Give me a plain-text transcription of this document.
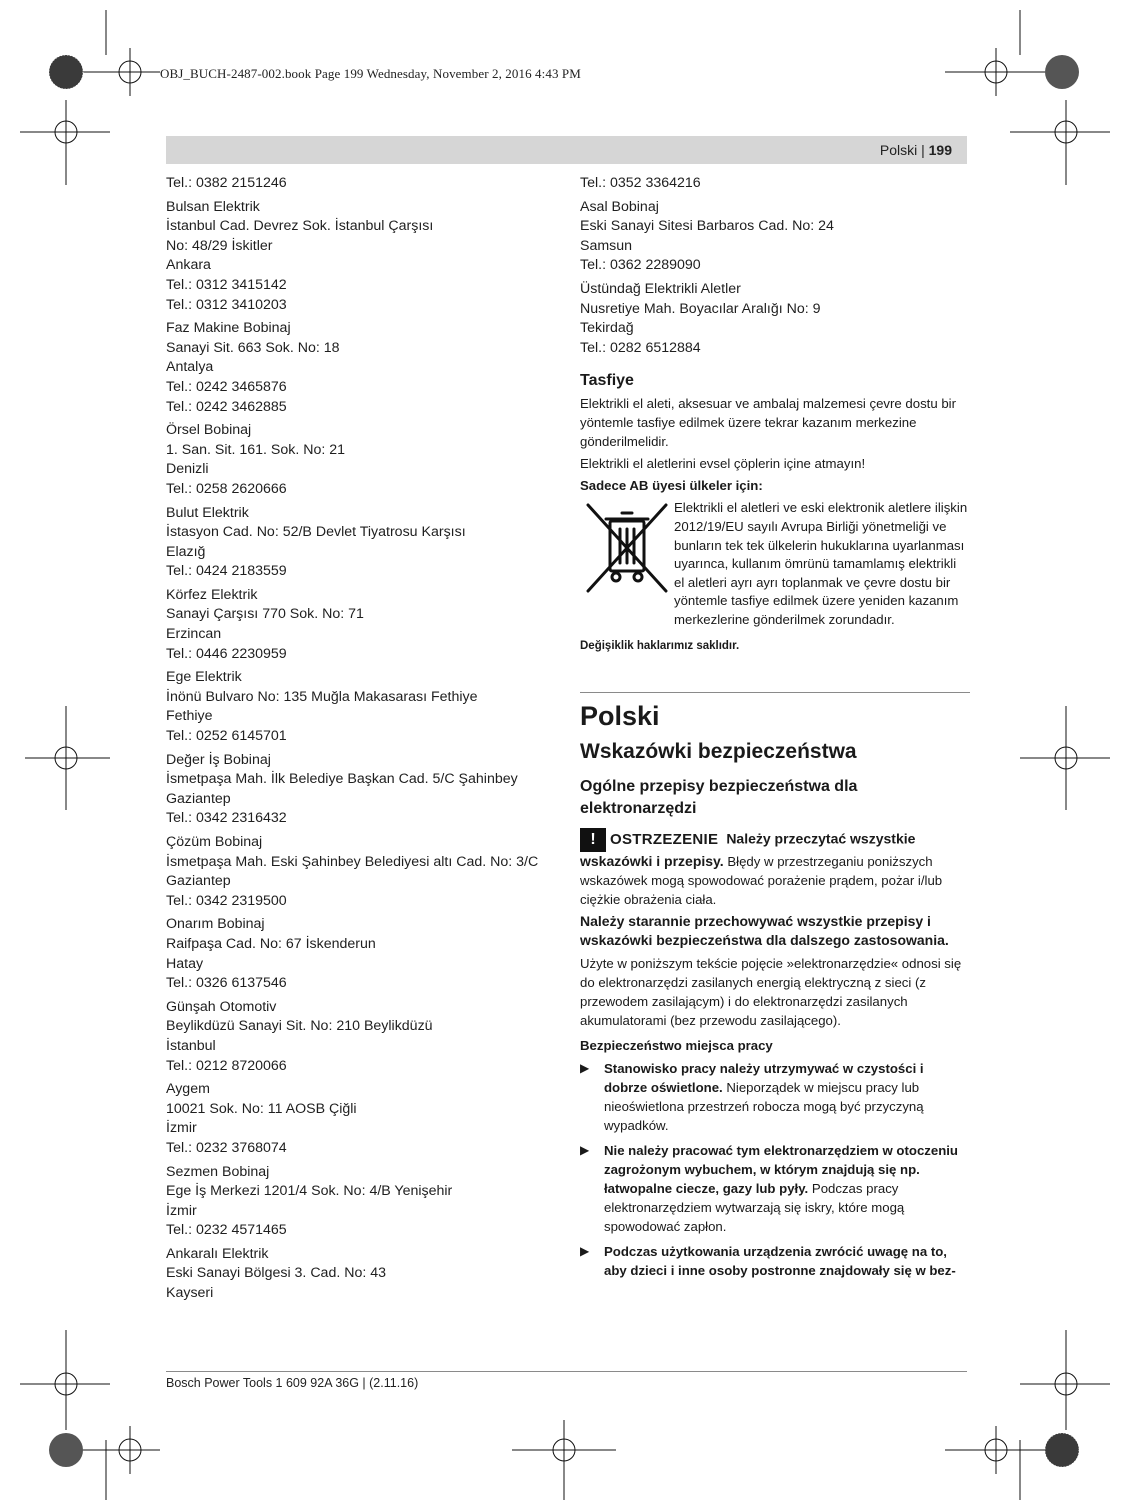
OBJ_BUCH-2487-002.book Page 199 Wednesday, November 2, 2016 4:43 PM
Polski | 199
Tel.: 0382 2151246
Bulsan Elektrik
İstanbul Cad. Devrez Sok. İstanbul Çarşısı
No: 48/29 İskitler
Ankara
Tel.: 0312 3415142
Tel.: 0312 3410203
Faz Makine Bobinaj
Sanayi Sit. 663 Sok. No: 18
Antalya
Tel.: 0242 3465876
Tel.: 0242 3462885
Örsel Bobinaj
1. San. Sit. 161. Sok. No: 21
Denizli
Tel.: 0258 2620666
Bulut Elektrik
İstasyon Cad. No: 52/B Devlet Tiyatrosu Karşısı
Elazığ
Tel.: 0424 2183559
Körfez Elektrik
Sanayi Çarşısı 770 Sok. No: 71
Erzincan
Tel.: 0446 2230959
Ege Elektrik
İnönü Bulvaro No: 135 Muğla Makasarası Fethiye
Fethiye
Tel.: 0252 6145701
Değer İş Bobinaj
İsmetpaşa Mah. İlk Belediye Başkan Cad. 5/C Şahinbey
Gaziantep
Tel.: 0342 2316432
Çözüm Bobinaj
İsmetpaşa Mah. Eski Şahinbey Belediyesi altı Cad. No: 3/C
Gaziantep
Tel.: 0342 2319500
Onarım Bobinaj
Raifpaşa Cad. No: 67 İskenderun
Hatay
Tel.: 0326 6137546
Günşah Otomotiv
Beylikdüzü Sanayi Sit. No: 210 Beylikdüzü
İstanbul
Tel.: 0212 8720066
Aygem
10021 Sok. No: 11 AOSB Çiğli
İzmir
Tel.: 0232 3768074
Sezmen Bobinaj
Ege İş Merkezi 1201/4 Sok. No: 4/B Yenişehir
İzmir
Tel.: 0232 4571465
Ankaralı Elektrik
Eski Sanayi Bölgesi 3. Cad. No: 43
Kayseri
Tel.: 0352 3364216
Asal Bobinaj
Eski Sanayi Sitesi Barbaros Cad. No: 24
Samsun
Tel.: 0362 2289090
Üstündağ Elektrikli Aletler
Nusretiye Mah. Boyacılar Aralığı No: 9
Tekirdağ
Tel.: 0282 6512884
Tasfiye
Elektrikli el aleti, aksesuar ve ambalaj malzemesi çevre dostu bir yöntemle tasfiye edilmek üzere tekrar kazanım merkezine gönderilmelidir.
Elektrikli el aletlerini evsel çöplerin içine atmayın!
Sadece AB üyesi ülkeler için:
Elektrikli el aletleri ve eski elektronik aletlere ilişkin 2012/19/EU sayılı Avrupa Birliği yönetmeliği ve bunların tek tek ülkelerin hukuklarına uyarlanması uyarınca, kullanım ömrünü tamamlamış elektrikli el aletleri ayrı ayrı toplanmak ve çevre dostu bir yöntemle tasfiye edilmek üzere yeniden kazanım merkezlerine gönderilmek zorundadır.
Değişiklik haklarımız saklıdır.
Polski
Wskazówki bezpieczeństwa
Ogólne przepisy bezpieczeństwa dla elektronarzędzi
! OSTRZEZENIE Należy przeczytać wszystkie wskazówki i przepisy. Błędy w przestrzeganiu poniższych wskazówek mogą spowodować porażenie prądem, pożar i/lub ciężkie obrażenia ciała.
Należy starannie przechowywać wszystkie przepisy i wskazówki bezpieczeństwa dla dalszego zastosowania.
Użyte w poniższym tekście pojęcie »elektronarzędzie« odnosi się do elektronarzędzi zasilanych energią elektryczną z sieci (z przewodem zasilającym) i do elektronarzędzi zasilanych akumulatorami (bez przewodu zasilającego).
Bezpieczeństwo miejsca pracy
▶	Stanowisko pracy należy utrzymywać w czystości i dobrze oświetlone. Nieporządek w miejscu pracy lub nieoświetlona przestrzeń robocza mogą być przyczyną wypadków.
▶	Nie należy pracować tym elektronarzędziem w otoczeniu zagrożonym wybuchem, w którym znajdują się np. łatwopalne ciecze, gazy lub pyły. Podczas pracy elektronarzędziem wytwarzają się iskry, które mogą spowodować zapłon.
▶	Podczas użytkowania urządzenia zwrócić uwagę na to, aby dzieci i inne osoby postronne znajdowały się w bez-
Bosch Power Tools 1 609 92A 36G | (2.11.16)
